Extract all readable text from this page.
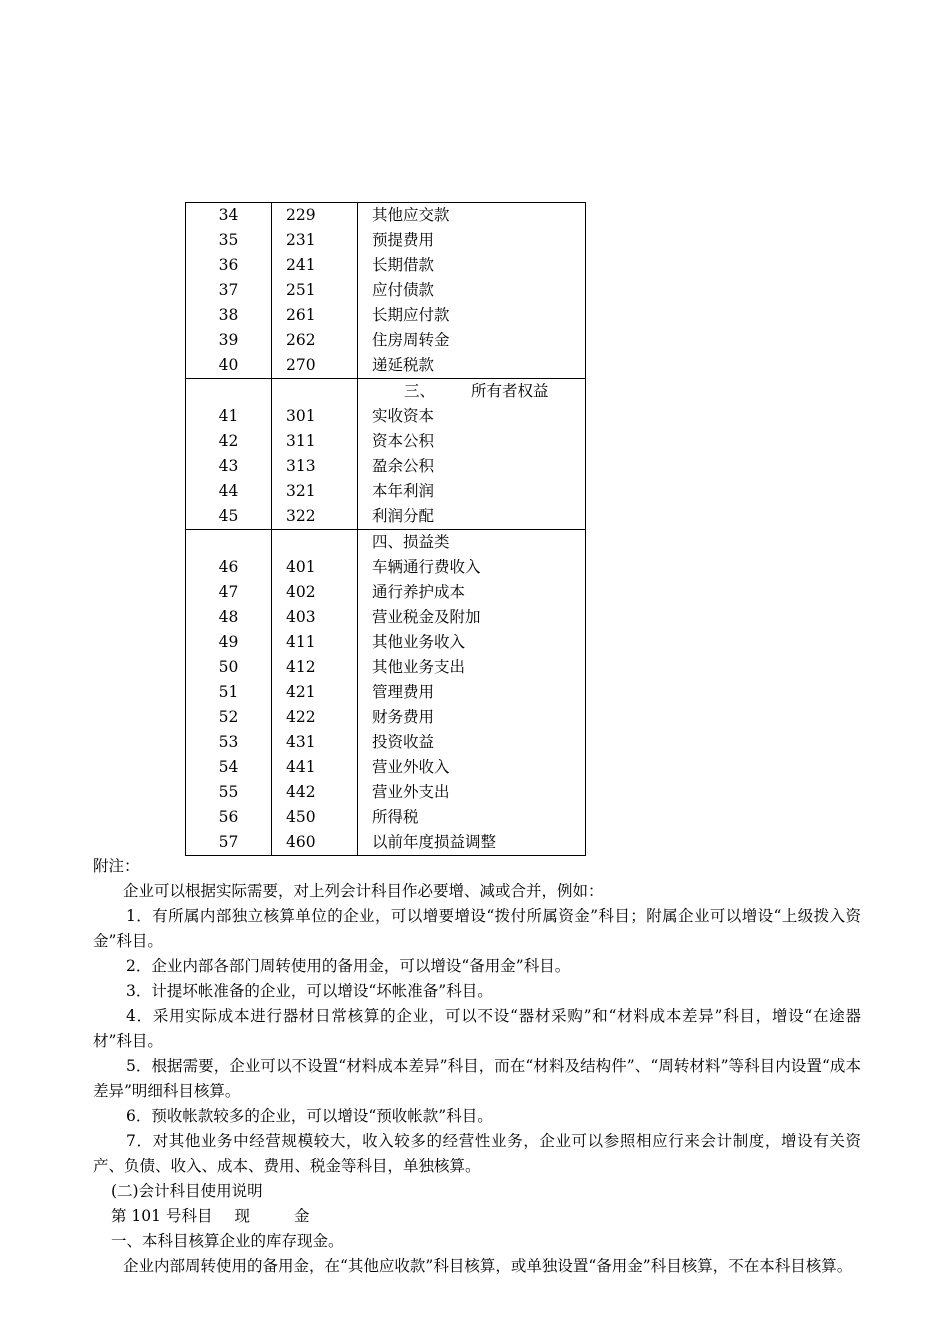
34	229	其他应交款
35	231	预提费用
36	241	长期借款
37	251	应付债款
38	261	长期应付款
39	262	住房周转金
40	270	递延税款
		三、 所有者权益
41	301	实收资本
42	311	资本公积
43	313	盈余公积
44	321	本年利润
45	322	利润分配
		四、损益类
46	401	车辆通行费收入
47	402	通行养护成本
48	403	营业税金及附加
49	411	其他业务收入
50	412	其他业务支出
51	421	管理费用
52	422	财务费用
53	431	投资收益
54	441	营业外收入
55	442	营业外支出
56	450	所得税
57	460	以前年度损益调整

附注：

企业可以根据实际需要，对上列会计科目作必要增、减或合并，例如：

1．有所属内部独立核算单位的企业，可以增要增设“拨付所属资金”科目；附属企业可以增设“上级拨入资金”科目。

2．企业内部各部门周转使用的备用金，可以增设“备用金”科目。

3．计提坏帐准备的企业，可以增设“坏帐准备”科目。

4．采用实际成本进行器材日常核算的企业，可以不设“器材采购”和“材料成本差异”科目，增设“在途器材”科目。

5．根据需要，企业可以不设置“材料成本差异”科目，而在“材料及结构件”、“周转材料”等科目内设置“成本差异”明细科目核算。

6．预收帐款较多的企业，可以增设“预收帐款”科目。

7．对其他业务中经营规模较大，收入较多的经营性业务，企业可以参照相应行来会计制度，增设有关资产、负债、收入、成本、费用、税金等科目，单独核算。

(二)会计科目使用说明

第 101 号科目 现	金

一、本科目核算企业的库存现金。

企业内部周转使用的备用金，在“其他应收款”科目核算，或单独设置“备用金”科目核算，不在本科目核算。
